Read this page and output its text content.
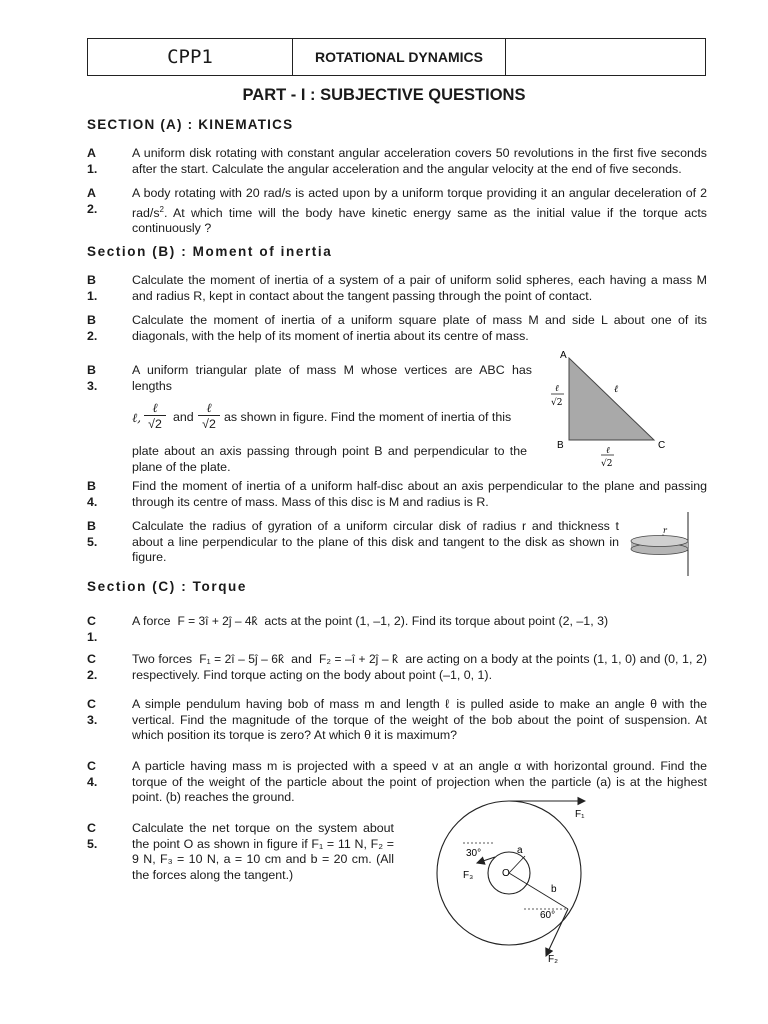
CPP1	ROTATIONAL DYNAMICS
PART - I : SUBJECTIVE QUESTIONS
SECTION (A) : KINEMATICS
A 1.
A uniform disk rotating with constant angular acceleration covers 50 revolutions in the first five seconds after the start. Calculate the angular acceleration and the angular velocity at the end of five seconds.
A 2.
A body rotating with 20 rad/s is acted upon by a uniform torque providing it an angular deceleration of 2 rad/$s^2$. At which time will the body have kinetic energy same as the initial value if the torque acts continuously ?
Section (B) : Moment of inertia
B 1.
Calculate the moment of inertia of a system of a pair of uniform solid spheres, each having a mass M and radius R, kept in contact about the tangent passing through the point of contact.
B 2.
Calculate the moment of inertia of a uniform square plate of mass M and side L about one of its diagonals, with the help of its moment of inertia about its centre of mass.
B 3.
A uniform triangular plate of mass M whose vertices are ABC has lengths
ℓ,
ℓ
√2 and
ℓ
√2 as shown in figure. Find the moment of inertia of this
plate about an axis passing through point B and perpendicular to the plane of the plate.
A
B	C
ℓ
ℓ
√2
ℓ
√2
B 4.
Find the moment of inertia of a uniform half-disc about an axis perpendicular to the plane and passing through its centre of mass. Mass of this disc is M and radius is R.
B 5.
Calculate the radius of gyration of a uniform circular disk of radius r and thickness t about a line perpendicular to the plane of this disk and tangent to the disk as shown in figure.
r
Section (C) : Torque
C 1.
A force F = 3î + 2ĵ – 4k̂ acts at the point (1, –1, 2). Find its torque about point (2, –1, 3)
C 2.
Two forces F₁ = 2î – 5ĵ – 6k̂ and F₂ = –î + 2ĵ – k̂ are acting on a body at the points (1, 1, 0) and (0, 1, 2) respectively. Find torque acting on the body about point (–1, 0, 1).
C 3.
A simple pendulum having bob of mass m and length ℓ is pulled aside to make an angle θ with the vertical. Find the magnitude of the torque of the weight of the bob about the point of suspension. At which position its torque is zero? At which θ it is maximum?
C 4.
A particle having mass m is projected with a speed v at an angle α with horizontal ground. Find the torque of the weight of the particle about the point of projection when the particle (a) is at the highest point. (b) reaches the ground.
C 5.
Calculate the net torque on the system about the point O as shown in figure if F₁ = 11 N, F₂ = 9 N, F₃ = 10 N, a = 10 cm and b = 20 cm. (All the forces along the tangent.)
F₁
a
30°
F₃	O
b
60°
F₂
